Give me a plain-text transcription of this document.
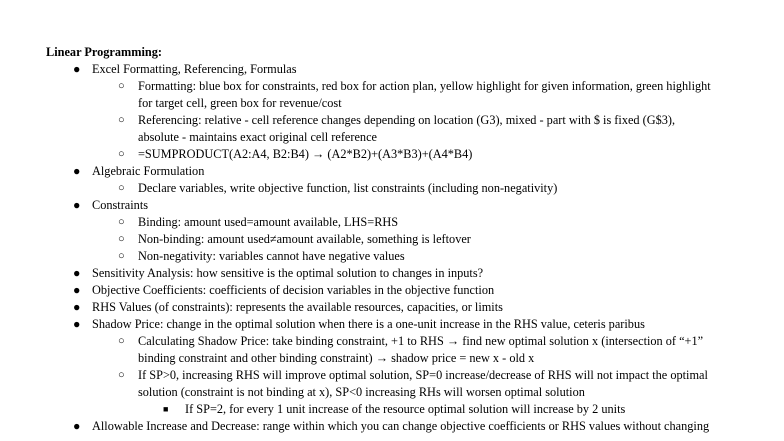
Linear Programming:
● Excel Formatting, Referencing, Formulas
○ Formatting: blue box for constraints, red box for action plan, yellow highlight for given information, green highlight
for target cell, green box for revenue/cost
○ Referencing: relative - cell reference changes depending on location (G3), mixed - part with $ is fixed (G$3),
absolute - maintains exact original cell reference
○ =SUMPRODUCT(A2:A4, B2:B4) → (A2*B2)+(A3*B3)+(A4*B4)
● Algebraic Formulation
○ Declare variables, write objective function, list constraints (including non-negativity)
● Constraints
○ Binding: amount used=amount available, LHS=RHS
○ Non-binding: amount used≠amount available, something is leftover
○ Non-negativity: variables cannot have negative values
● Sensitivity Analysis: how sensitive is the optimal solution to changes in inputs?
● Objective Coefficients: coefficients of decision variables in the objective function
● RHS Values (of constraints): represents the available resources, capacities, or limits
● Shadow Price: change in the optimal solution when there is a one-unit increase in the RHS value, ceteris paribus
○ Calculating Shadow Price: take binding constraint, +1 to RHS → find new optimal solution x (intersection of “+1”
binding constraint and other binding constraint) → shadow price = new x - old x
○ If SP>0, increasing RHS will improve optimal solution, SP=0 increase/decrease of RHS will not impact the optimal
solution (constraint is not binding at x), SP<0 increasing RHs will worsen optimal solution
■ If SP=2, for every 1 unit increase of the resource optimal solution will increase by 2 units
● Allowable Increase and Decrease: range within which you can change objective coefficients or RHS values without changing
